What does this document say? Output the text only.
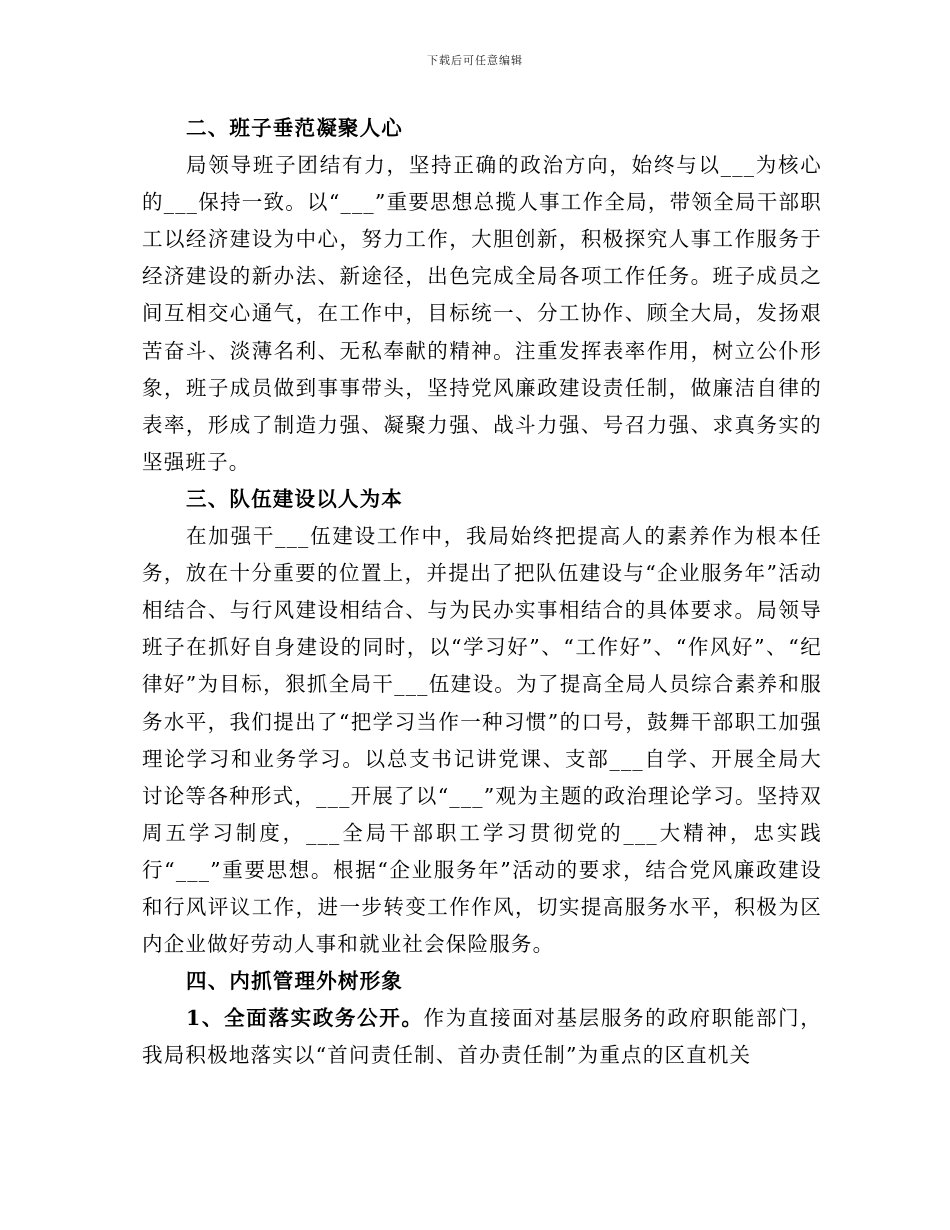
下载后可任意编辑

二、班子垂范凝聚人心

局领导班子团结有力，坚持正确的政治方向，始终与以___为核心的___保持一致。以“___”重要思想总揽人事工作全局，带领全局干部职工以经济建设为中心，努力工作，大胆创新，积极探究人事工作服务于经济建设的新办法、新途径，出色完成全局各项工作任务。班子成员之间互相交心通气，在工作中，目标统一、分工协作、顾全大局，发扬艰苦奋斗、淡薄名利、无私奉献的精神。注重发挥表率作用，树立公仆形象，班子成员做到事事带头，坚持党风廉政建设责任制，做廉洁自律的表率，形成了制造力强、凝聚力强、战斗力强、号召力强、求真务实的坚强班子。

三、队伍建设以人为本

在加强干___伍建设工作中，我局始终把提高人的素养作为根本任务，放在十分重要的位置上，并提出了把队伍建设与“企业服务年”活动相结合、与行风建设相结合、与为民办实事相结合的具体要求。局领导班子在抓好自身建设的同时，以“学习好”、“工作好”、“作风好”、“纪律好”为目标，狠抓全局干___伍建设。为了提高全局人员综合素养和服务水平，我们提出了“把学习当作一种习惯”的口号，鼓舞干部职工加强理论学习和业务学习。以总支书记讲党课、支部___自学、开展全局大讨论等各种形式，___开展了以“___”观为主题的政治理论学习。坚持双周五学习制度，___全局干部职工学习贯彻党的___大精神，忠实践行“___”重要思想。根据“企业服务年”活动的要求，结合党风廉政建设和行风评议工作，进一步转变工作作风，切实提高服务水平，积极为区内企业做好劳动人事和就业社会保险服务。

四、内抓管理外树形象

1、全面落实政务公开。作为直接面对基层服务的政府职能部门，我局积极地落实以“首问责任制、首办责任制”为重点的区直机关
